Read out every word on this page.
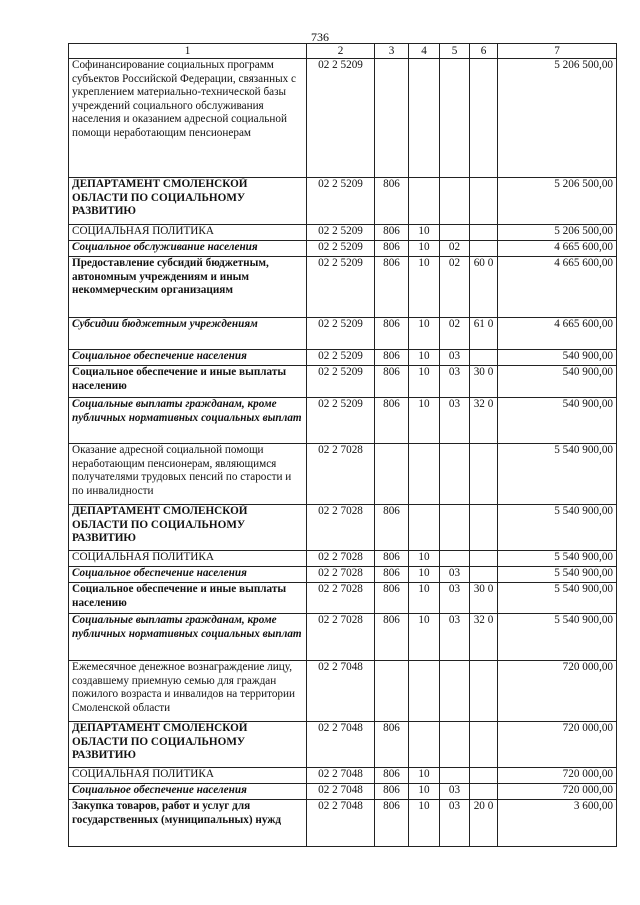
736
1	2	3	4	5	6	7
Софинансирование социальных программ субъектов Российской Федерации, связанных с укреплением материально-технической базы учреждений социального обслуживания населения и оказанием адресной социальной помощи неработающим пенсионерам	02 2 5209					5 206 500,00
ДЕПАРТАМЕНТ СМОЛЕНСКОЙ ОБЛАСТИ ПО СОЦИАЛЬНОМУ РАЗВИТИЮ	02 2 5209	806				5 206 500,00
СОЦИАЛЬНАЯ ПОЛИТИКА	02 2 5209	806	10			5 206 500,00
Социальное обслуживание населения	02 2 5209	806	10	02		4 665 600,00
Предоставление субсидий бюджетным, автономным учреждениям и иным некоммерческим организациям	02 2 5209	806	10	02	60 0	4 665 600,00
Субсидии бюджетным учреждениям	02 2 5209	806	10	02	61 0	4 665 600,00
Социальное обеспечение населения	02 2 5209	806	10	03		540 900,00
Социальное обеспечение и иные выплаты населению	02 2 5209	806	10	03	30 0	540 900,00
Социальные выплаты гражданам, кроме публичных нормативных социальных выплат	02 2 5209	806	10	03	32 0	540 900,00
Оказание адресной социальной помощи неработающим пенсионерам, являющимся получателями трудовых пенсий по старости и по инвалидности	02 2 7028					5 540 900,00
ДЕПАРТАМЕНТ СМОЛЕНСКОЙ ОБЛАСТИ ПО СОЦИАЛЬНОМУ РАЗВИТИЮ	02 2 7028	806				5 540 900,00
СОЦИАЛЬНАЯ ПОЛИТИКА	02 2 7028	806	10			5 540 900,00
Социальное обеспечение населения	02 2 7028	806	10	03		5 540 900,00
Социальное обеспечение и иные выплаты населению	02 2 7028	806	10	03	30 0	5 540 900,00
Социальные выплаты гражданам, кроме публичных нормативных социальных выплат	02 2 7028	806	10	03	32 0	5 540 900,00
Ежемесячное денежное вознаграждение лицу, создавшему приемную семью для граждан пожилого возраста и инвалидов на территории Смоленской области	02 2 7048					720 000,00
ДЕПАРТАМЕНТ СМОЛЕНСКОЙ ОБЛАСТИ ПО СОЦИАЛЬНОМУ РАЗВИТИЮ	02 2 7048	806				720 000,00
СОЦИАЛЬНАЯ ПОЛИТИКА	02 2 7048	806	10			720 000,00
Социальное обеспечение населения	02 2 7048	806	10	03		720 000,00
Закупка товаров, работ и услуг для государственных (муниципальных) нужд	02 2 7048	806	10	03	20 0	3 600,00
